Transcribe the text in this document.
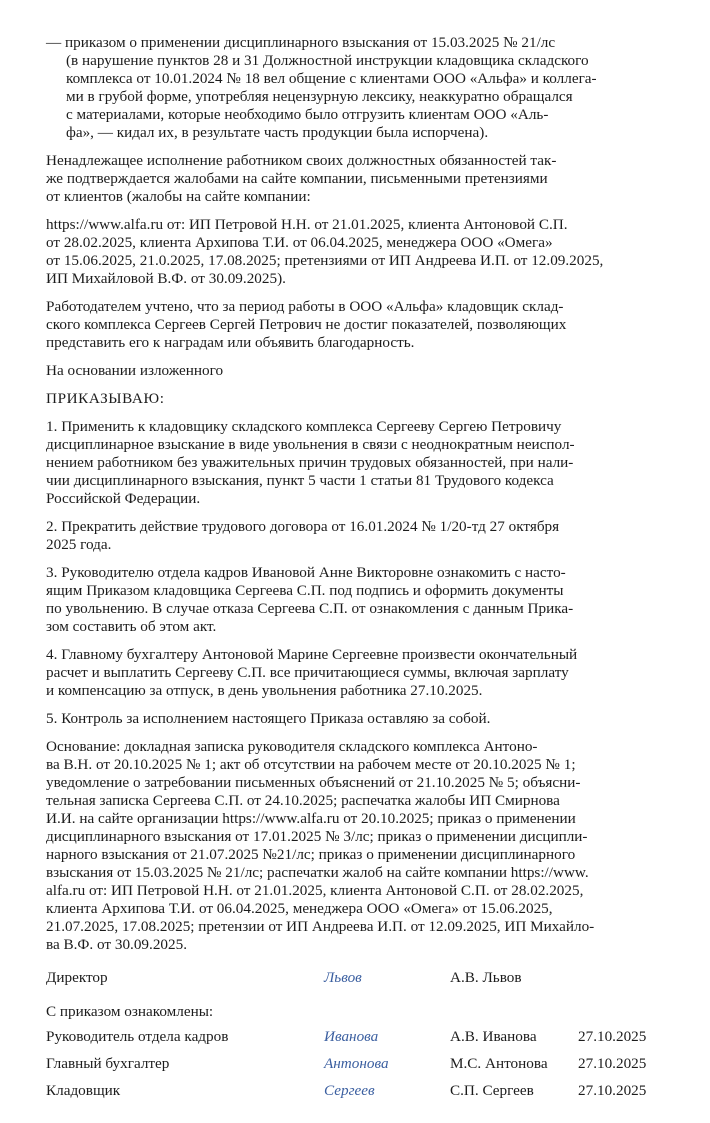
— приказом о применении дисциплинарного взыскания от 15.03.2025 № 21/лс
(в нарушение пунктов 28 и 31 Должностной инструкции кладовщика складского
комплекса от 10.01.2024 № 18 вел общение с клиентами ООО «Альфа» и коллега-
ми в грубой форме, употребляя нецензурную лексику, неаккуратно обращался
с материалами, которые необходимо было отгрузить клиентам ООО «Аль-
фа», — кидал их, в результате часть продукции была испорчена).
Ненадлежащее исполнение работником своих должностных обязанностей так-
же подтверждается жалобами на сайте компании, письменными претензиями
от клиентов (жалобы на сайте компании:
https://www.alfa.ru от: ИП Петровой Н.Н. от 21.01.2025, клиента Антоновой С.П.
от 28.02.2025, клиента Архипова Т.И. от 06.04.2025, менеджера ООО «Омега»
от 15.06.2025, 21.0.2025, 17.08.2025; претензиями от ИП Андреева И.П. от 12.09.2025,
ИП Михайловой В.Ф. от 30.09.2025).
Работодателем учтено, что за период работы в ООО «Альфа» кладовщик склад-
ского комплекса Сергеев Сергей Петрович не достиг показателей, позволяющих
представить его к наградам или объявить благодарность.
На основании изложенного
ПРИКАЗЫВАЮ:
1. Применить к кладовщику складского комплекса Сергееву Сергею Петровичу
дисциплинарное взыскание в виде увольнения в связи с неоднократным неиспол-
нением работником без уважительных причин трудовых обязанностей, при нали-
чии дисциплинарного взыскания, пункт 5 части 1 статьи 81 Трудового кодекса
Российской Федерации.
2. Прекратить действие трудового договора от 16.01.2024 № 1/20-тд 27 октября
2025 года.
3. Руководителю отдела кадров Ивановой Анне Викторовне ознакомить с насто-
ящим Приказом кладовщика Сергеева С.П. под подпись и оформить документы
по увольнению. В случае отказа Сергеева С.П. от ознакомления с данным Прика-
зом составить об этом акт.
4. Главному бухгалтеру Антоновой Марине Сергеевне произвести окончательный
расчет и выплатить Сергееву С.П. все причитающиеся суммы, включая зарплату
и компенсацию за отпуск, в день увольнения работника 27.10.2025.
5. Контроль за исполнением настоящего Приказа оставляю за собой.
Основание: докладная записка руководителя складского комплекса Антоно-
ва В.Н. от 20.10.2025 № 1; акт об отсутствии на рабочем месте от 20.10.2025 № 1;
уведомление о затребовании письменных объяснений от 21.10.2025 № 5; объясни-
тельная записка Сергеева С.П. от 24.10.2025; распечатка жалобы ИП Смирнова
И.И. на сайте организации https://www.alfa.ru от 20.10.2025; приказ о применении
дисциплинарного взыскания от 17.01.2025 № 3/лс; приказ о применении дисципли-
нарного взыскания от 21.07.2025 №21/лс; приказ о применении дисциплинарного
взыскания от 15.03.2025 № 21/лс; распечатки жалоб на сайте компании https://www.
alfa.ru от: ИП Петровой Н.Н. от 21.01.2025, клиента Антоновой С.П. от 28.02.2025,
клиента Архипова Т.И. от 06.04.2025, менеджера ООО «Омега» от 15.06.2025,
21.07.2025, 17.08.2025; претензии от ИП Андреева И.П. от 12.09.2025, ИП Михайло-
ва В.Ф. от 30.09.2025.
Директор	Львов	А.В. Львов	
С приказом ознакомлены:
Руководитель отдела кадров	Иванова	А.В. Иванова	27.10.2025
Главный бухгалтер	Антонова	М.С. Антонова	27.10.2025
Кладовщик	Сергеев	С.П. Сергеев	27.10.2025
